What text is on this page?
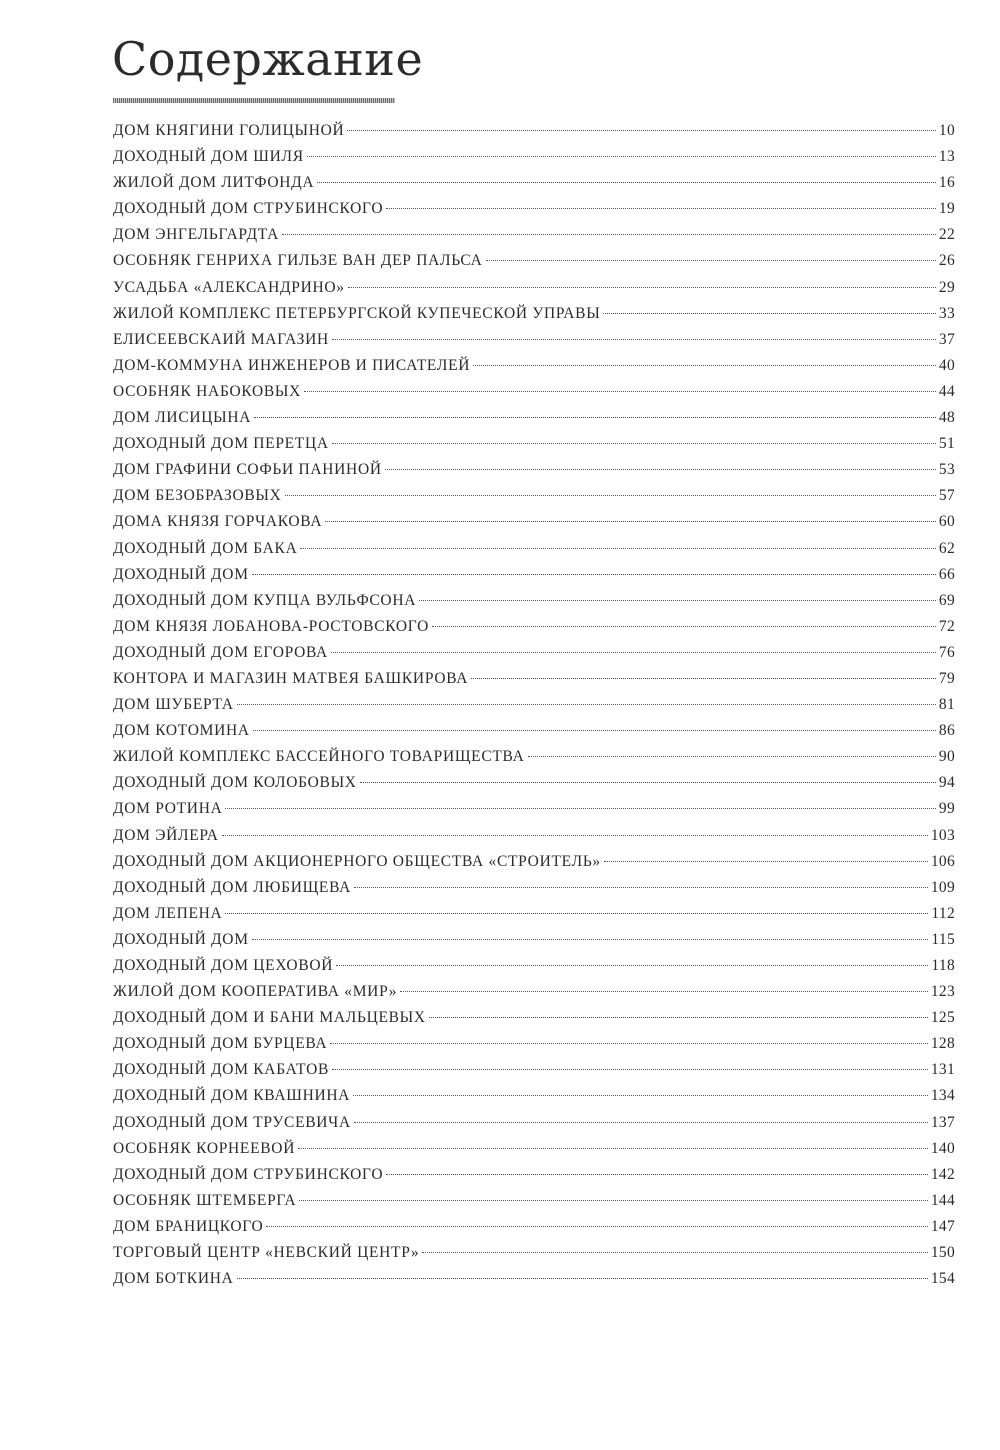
Содержание
ДОМ КНЯГИНИ ГОЛИЦЫНОЙ	10
ДОХОДНЫЙ ДОМ ШИЛЯ	13
ЖИЛОЙ ДОМ ЛИТФОНДА	16
ДОХОДНЫЙ ДОМ СТРУБИНСКОГО	19
ДОМ ЭНГЕЛЬГАРДТА	22
ОСОБНЯК ГЕНРИХА ГИЛЬЗЕ ВАН ДЕР ПАЛЬСА	26
УСАДЬБА «АЛЕКСАНДРИНО»	29
ЖИЛОЙ КОМПЛЕКС ПЕТЕРБУРГСКОЙ КУПЕЧЕСКОЙ УПРАВЫ	33
ЕЛИСЕЕВСКАИЙ МАГАЗИН	37
ДОМ-КОММУНА ИНЖЕНЕРОВ И ПИСАТЕЛЕЙ	40
ОСОБНЯК НАБОКОВЫХ	44
ДОМ ЛИСИЦЫНА	48
ДОХОДНЫЙ ДОМ ПЕРЕТЦА	51
ДОМ ГРАФИНИ СОФЬИ ПАНИНОЙ	53
ДОМ БЕЗОБРАЗОВЫХ	57
ДОМА КНЯЗЯ ГОРЧАКОВА	60
ДОХОДНЫЙ ДОМ БАКА	62
ДОХОДНЫЙ ДОМ	66
ДОХОДНЫЙ ДОМ КУПЦА ВУЛЬФСОНА	69
ДОМ КНЯЗЯ ЛОБАНОВА-РОСТОВСКОГО	72
ДОХОДНЫЙ ДОМ ЕГОРОВА	76
КОНТОРА И МАГАЗИН МАТВЕЯ БАШКИРОВА	79
ДОМ ШУБЕРТА	81
ДОМ КОТОМИНА	86
ЖИЛОЙ КОМПЛЕКС БАССЕЙНОГО ТОВАРИЩЕСТВА	90
ДОХОДНЫЙ ДОМ КОЛОБОВЫХ	94
ДОМ РОТИНА	99
ДОМ ЭЙЛЕРА	103
ДОХОДНЫЙ ДОМ АКЦИОНЕРНОГО ОБЩЕСТВА «СТРОИТЕЛЬ»	106
ДОХОДНЫЙ ДОМ ЛЮБИЩЕВА	109
ДОМ ЛЕПЕНА	112
ДОХОДНЫЙ ДОМ	115
ДОХОДНЫЙ ДОМ ЦЕХОВОЙ	118
ЖИЛОЙ ДОМ КООПЕРАТИВА «МИР»	123
ДОХОДНЫЙ ДОМ И БАНИ МАЛЬЦЕВЫХ	125
ДОХОДНЫЙ ДОМ БУРЦЕВА	128
ДОХОДНЫЙ ДОМ КАБАТОВ	131
ДОХОДНЫЙ ДОМ КВАШНИНА	134
ДОХОДНЫЙ ДОМ ТРУСЕВИЧА	137
ОСОБНЯК КОРНЕЕВОЙ	140
ДОХОДНЫЙ ДОМ СТРУБИНСКОГО	142
ОСОБНЯК ШТЕМБЕРГА	144
ДОМ БРАНИЦКОГО	147
ТОРГОВЫЙ ЦЕНТР «НЕВСКИЙ ЦЕНТР»	150
ДОМ БОТКИНА	154
